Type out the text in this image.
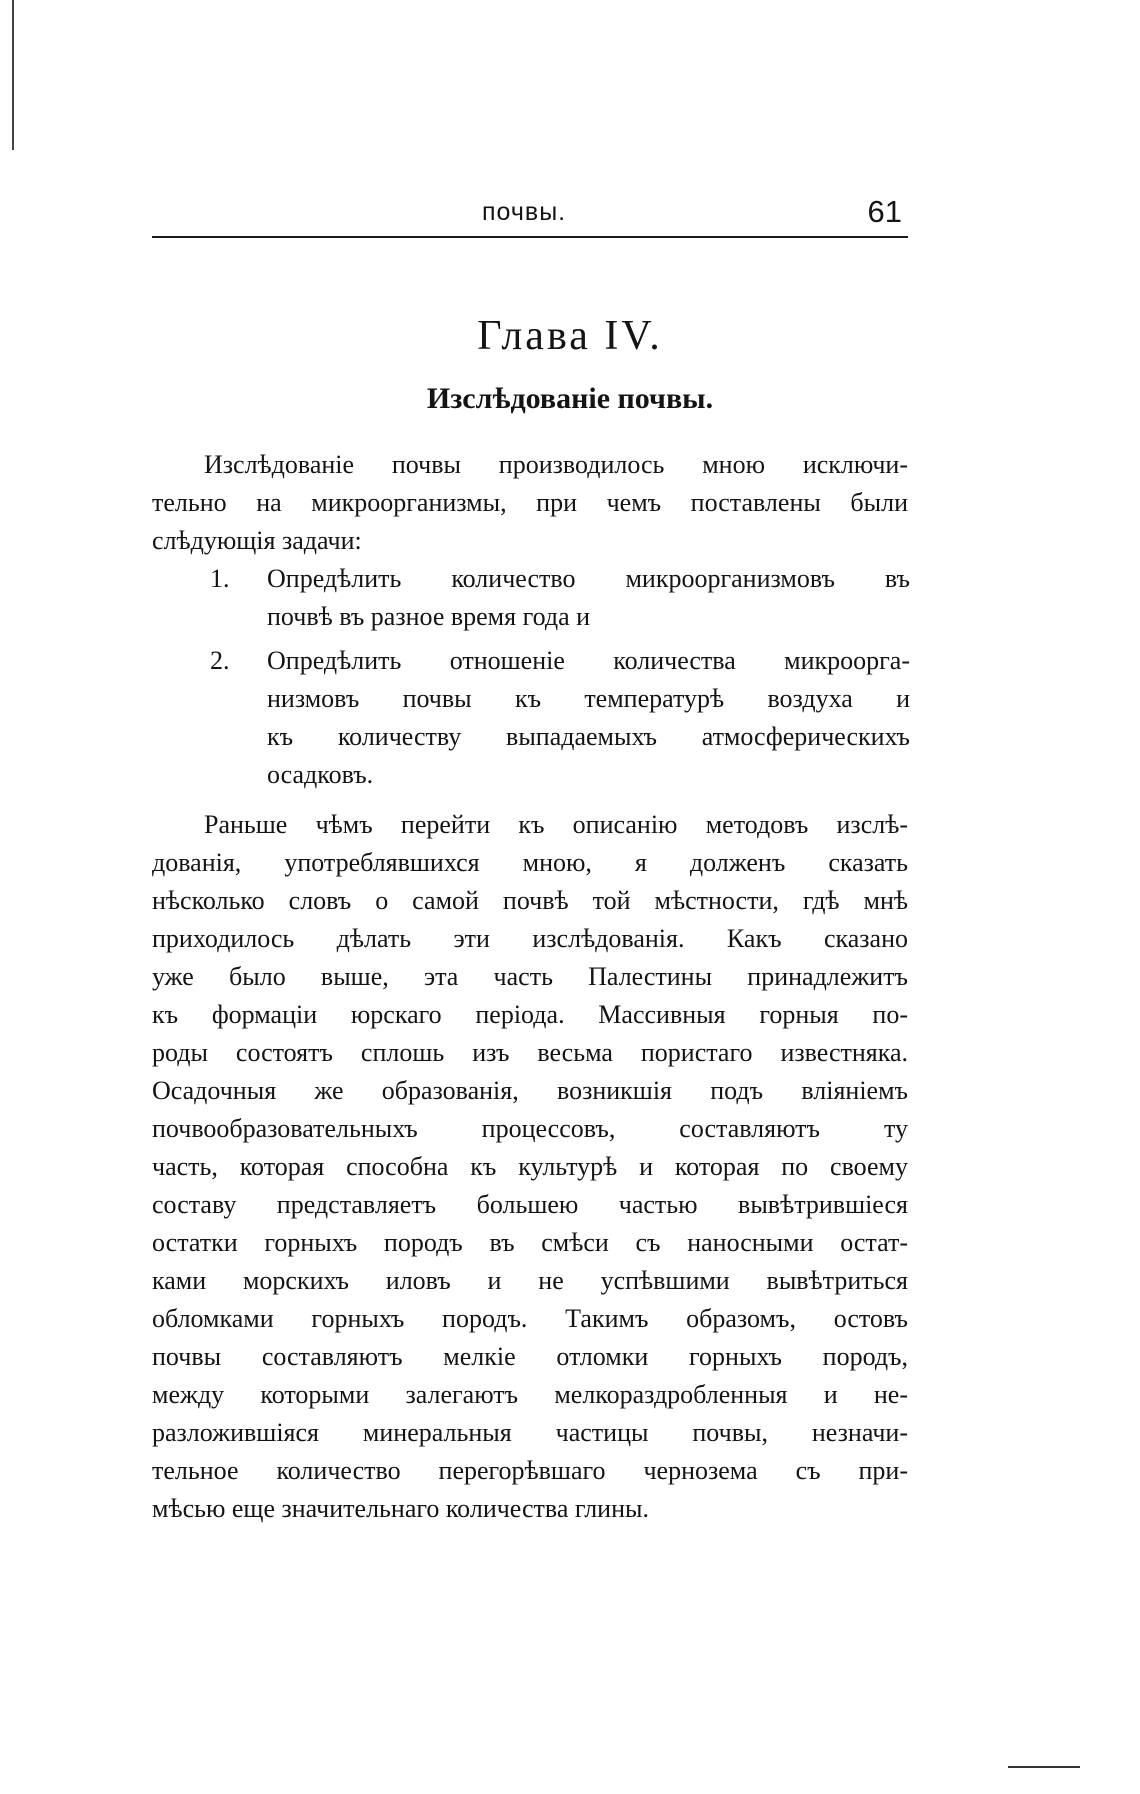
почвы.	61
Глава IV.
Изслѣдованіе почвы.
Изслѣдованіе почвы производилось мною исключи-
тельно на микроорганизмы, при чемъ поставлены были
слѣдующія задачи:
1.	Опредѣлить количество микроорганизмовъ въ
почвѣ въ разное время года и
2.	Опредѣлить отношеніе количества микроорга-
низмовъ почвы къ температурѣ воздуха и
къ количеству выпадаемыхъ атмосферическихъ
осадковъ.
Раньше чѣмъ перейти къ описанію методовъ изслѣ-
дованія, употреблявшихся мною, я долженъ сказать
нѣсколько словъ о самой почвѣ той мѣстности, гдѣ мнѣ
приходилось дѣлать эти изслѣдованія. Какъ сказано
уже было выше, эта часть Палестины принадлежитъ
къ формаціи юрскаго періода. Массивныя горныя по-
роды состоятъ сплошь изъ весьма пористаго известняка.
Осадочныя же образованія, возникшія подъ вліяніемъ
почвообразовательныхъ процессовъ, составляютъ ту
часть, которая способна къ культурѣ и которая по своему
составу представляетъ большею частью вывѣтрившіеся
остатки горныхъ породъ въ смѣси съ наносными остат-
ками морскихъ иловъ и не успѣвшими вывѣтриться
обломками горныхъ породъ. Такимъ образомъ, остовъ
почвы составляютъ мелкіе отломки горныхъ породъ,
между которыми залегаютъ мелкораздробленныя и не-
разложившіяся минеральныя частицы почвы, незначи-
тельное количество перегорѣвшаго чернозема съ при-
мѣсью еще значительнаго количества глины.
